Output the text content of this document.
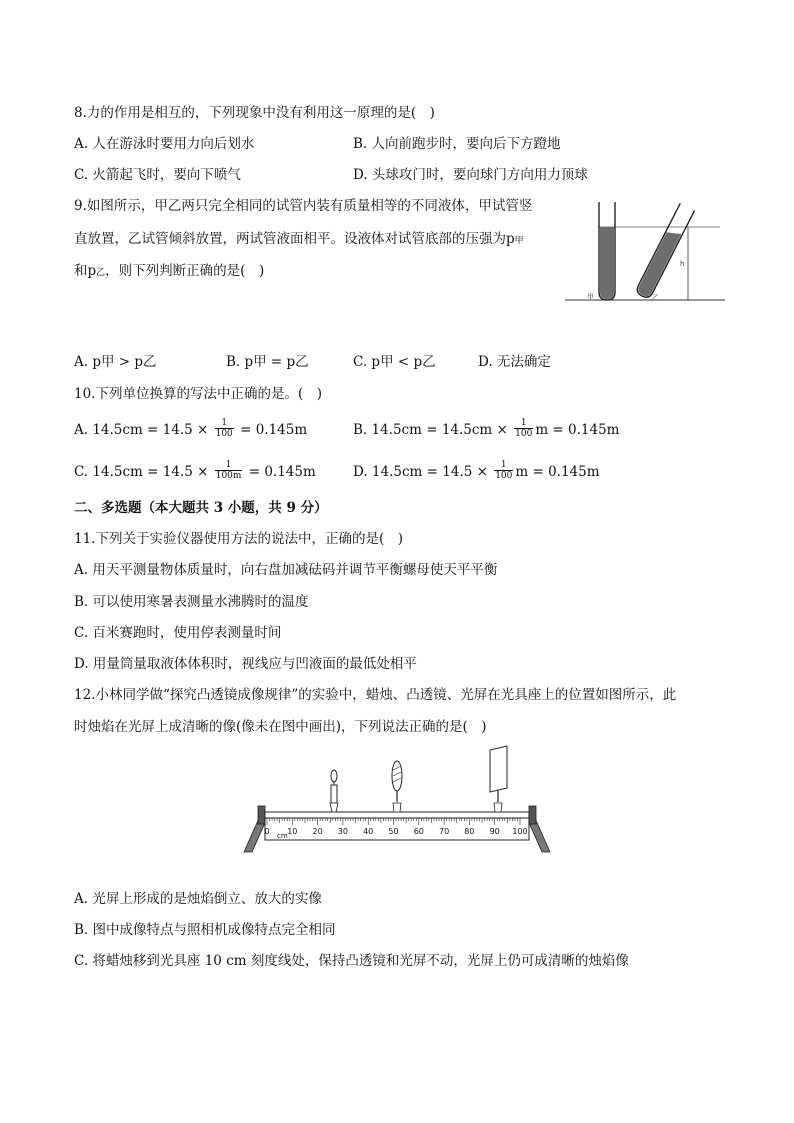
8.力的作用是相互的，下列现象中没有利用这一原理的是(　)
A. 人在游泳时要用力向后划水	B. 人向前跑步时，要向后下方蹬地
C. 火箭起飞时，要向下喷气	D. 头球攻门时，要向球门方向用力顶球
9.如图所示，甲乙两只完全相同的试管内装有质量相等的不同液体，甲试管竖
直放置，乙试管倾斜放置，两试管液面相平。设液体对试管底部的压强为p甲
和p乙，则下列判断正确的是(　)	h
甲	乙
A. p甲 > p乙	B. p甲 = p乙	C. p甲 < p乙	D. 无法确定
10.下列单位换算的写法中正确的是。(　)
A. $14.5cm = 14.5 \times \frac{1}{100} = 0.145m$	B. $14.5cm = 14.5cm \times \frac{1}{100}$ m = 0.145m
C. $14.5cm = 14.5 \times \frac{1}{100m} = 0.145m$	D. $14.5cm = 14.5 \times \frac{1}{100}$ m = 0.145m
二、多选题（本大题共 3 小题，共 9 分）
11.下列关于实验仪器使用方法的说法中，正确的是(　)
A. 用天平测量物体质量时，向右盘加减砝码并调节平衡螺母使天平平衡
B. 可以使用寒暑表测量水沸腾时的温度
C. 百米赛跑时，使用停表测量时间
D. 用量筒量取液体体积时，视线应与凹液面的最低处相平
12.小林同学做“探究凸透镜成像规律”的实验中，蜡烛、凸透镜、光屏在光具座上的位置如图所示，此
时烛焰在光屏上成清晰的像(像未在图中画出)，下列说法正确的是(　)
0 10 20 30 40 50 60 70 80 90 100
cm
A. 光屏上形成的是烛焰倒立、放大的实像
B. 图中成像特点与照相机成像特点完全相同
C. 将蜡烛移到光具座 10 cm 刻度线处，保持凸透镜和光屏不动，光屏上仍可成清晰的烛焰像
